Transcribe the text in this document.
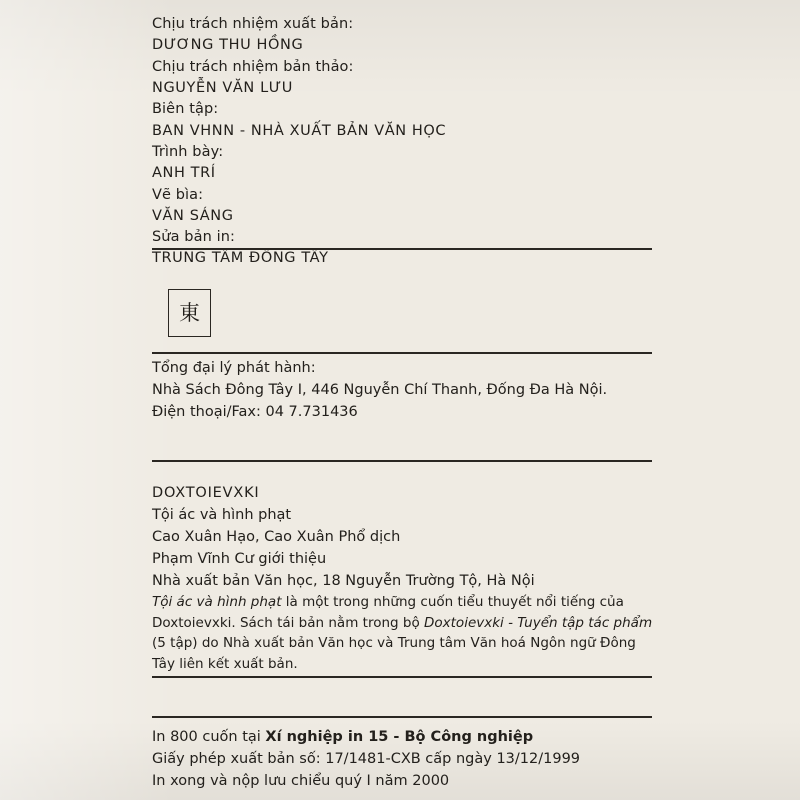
Chịu trách nhiệm xuất bản:
DƯƠNG THU HỒNG
Chịu trách nhiệm bản thảo:
NGUYỄN VĂN LƯU
Biên tập:
BAN VHNN - NHÀ XUẤT BẢN VĂN HỌC
Trình bày:
ANH TRÍ
Vẽ bìa:
VĂN SÁNG
Sửa bản in:
TRUNG TÂM ĐÔNG TÂY
東
Tổng đại lý phát hành:
Nhà Sách Đông Tây I, 446 Nguyễn Chí Thanh, Đống Đa Hà Nội.
Điện thoại/Fax: 04 7.731436
DOXTOIEVXKI
Tội ác và hình phạt
Cao Xuân Hạo, Cao Xuân Phổ dịch
Phạm Vĩnh Cư giới thiệu
Nhà xuất bản Văn học, 18 Nguyễn Trường Tộ, Hà Nội
Tội ác và hình phạt là một trong những cuốn tiểu thuyết nổi tiếng của
Doxtoievxki. Sách tái bản nằm trong bộ Doxtoievxki - Tuyển tập tác phẩm
(5 tập) do Nhà xuất bản Văn học và Trung tâm Văn hoá Ngôn ngữ Đông
Tây liên kết xuất bản.
In 800 cuốn tại Xí nghiệp in 15 - Bộ Công nghiệp
Giấy phép xuất bản số: 17/1481-CXB cấp ngày 13/12/1999
In xong và nộp lưu chiểu quý I năm 2000
